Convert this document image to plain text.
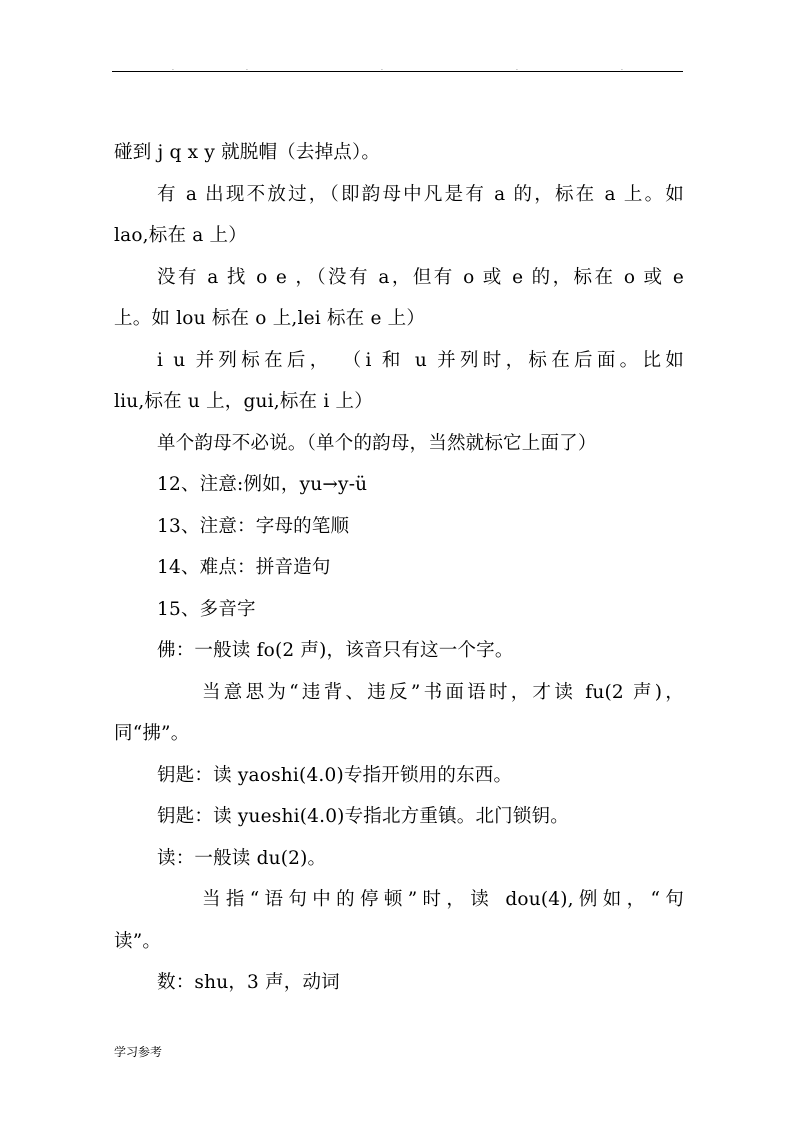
.	.	.	.	.
碰到 j q x y 就脱帽（去掉点）。
有 a 出现不放过，（即韵母中凡是有 a 的，标在 a 上。如
lao,标在 a 上）
没有 a 找 o e ，（没有 a，但有 o 或 e 的，标在 o 或 e
上。如 lou 标在 o 上,lei 标在 e 上）
i u 并列标在后， （i 和 u 并列时，标在后面。比如
liu,标在 u 上，gui,标在 i 上）
单个韵母不必说。（单个的韵母，当然就标它上面了）
12、注意:例如，yu→y-ü
13、注意：字母的笔顺
14、难点：拼音造句
15、多音字
佛：一般读 fo(2 声)，该音只有这一个字。
当意思为“违背、违反”书面语时，才读 fu(2 声)，
同“拂”。
钥匙：读 yaoshi(4.0)专指开锁用的东西。
钥匙：读 yueshi(4.0)专指北方重镇。北门锁钥。
读：一般读 du(2)。
当指“语句中的停顿”时，读 dou(4),例如，“句
读”。
数：shu，3 声，动词
学习参考
